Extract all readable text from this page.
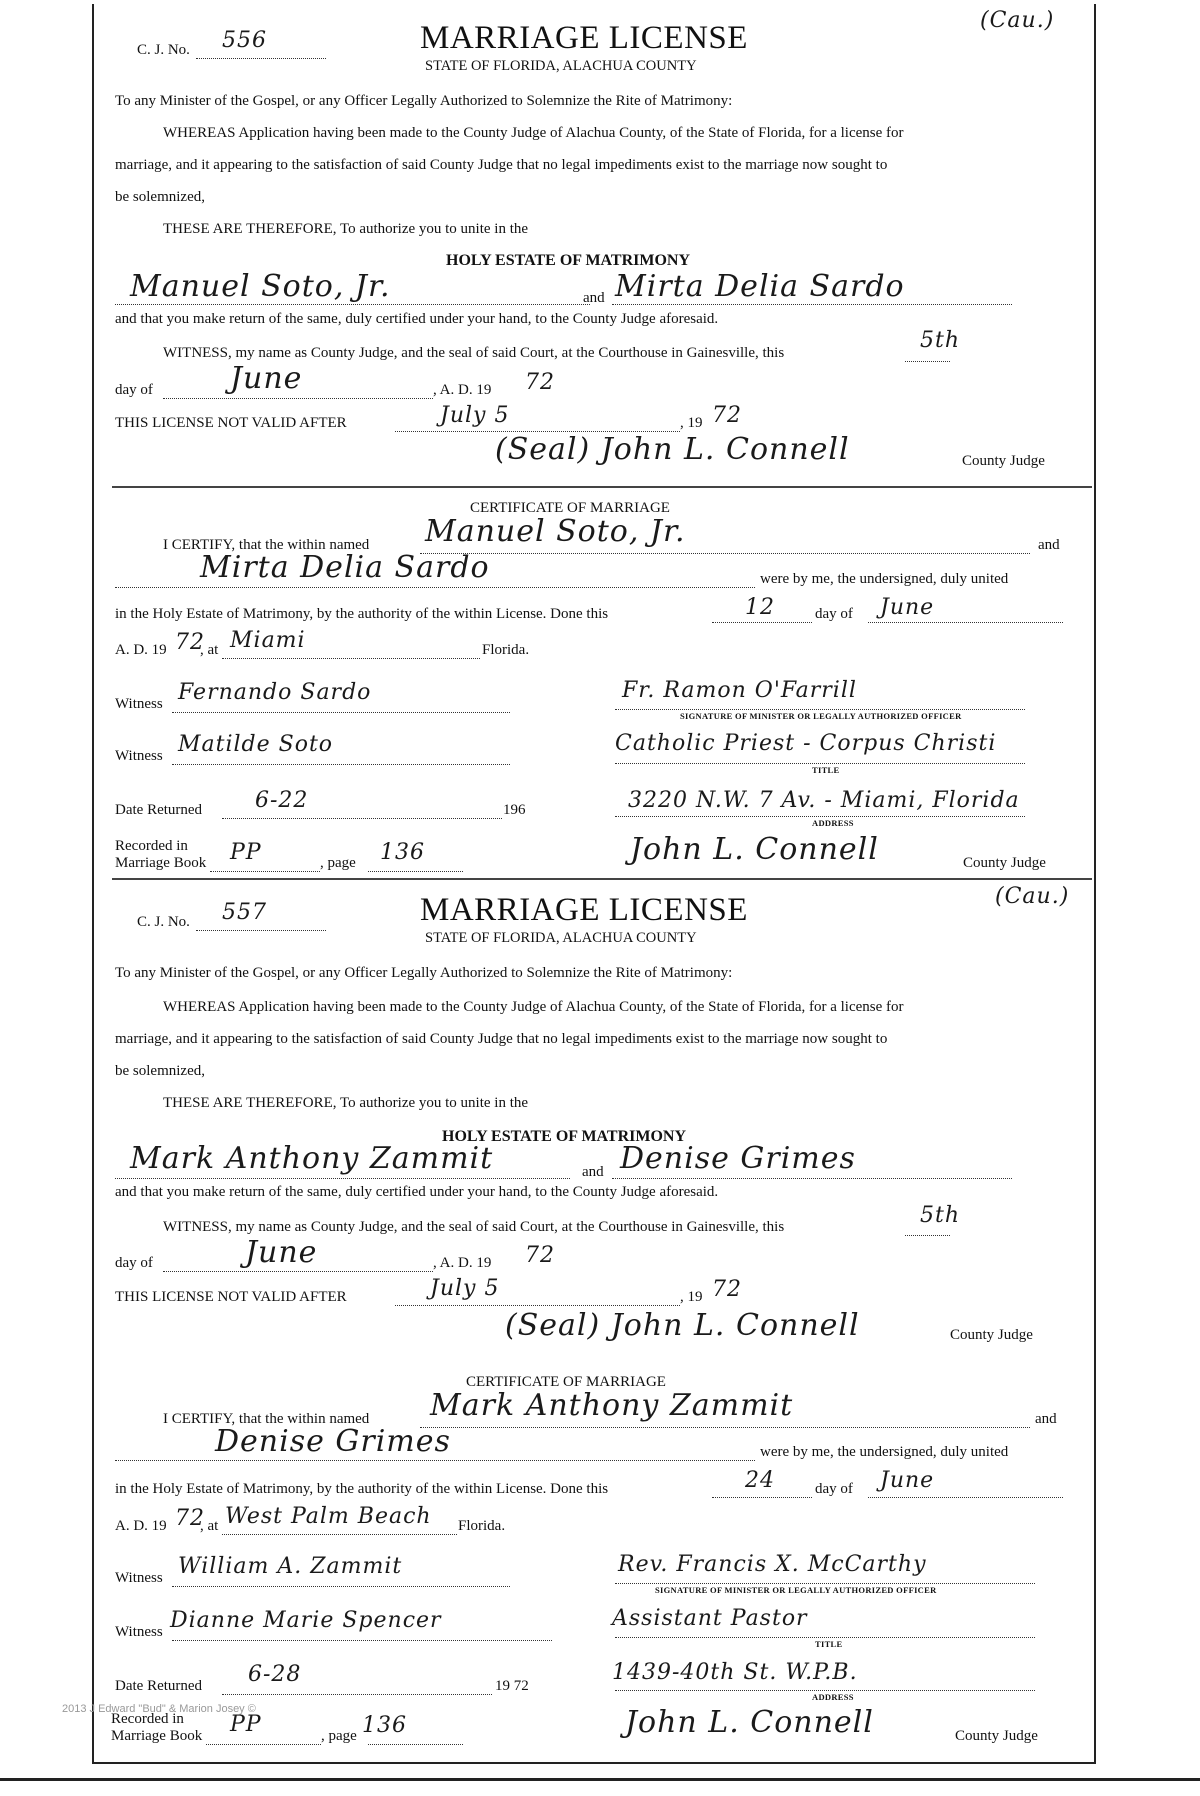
C. J. No. 556	MARRIAGE LICENSE	(Cau.)
STATE OF FLORIDA, ALACHUA COUNTY
To any Minister of the Gospel, or any Officer Legally Authorized to Solemnize the Rite of Matrimony:
WHEREAS Application having been made to the County Judge of Alachua County, of the State of Florida, for a license for
marriage, and it appearing to the satisfaction of said County Judge that no legal impediments exist to the marriage now sought to
be solemnized,
THESE ARE THEREFORE, To authorize you to unite in the
HOLY ESTATE OF MATRIMONY
Manuel Soto, Jr.	and Mirta Delia Sardo
and that you make return of the same, duly certified under your hand, to the County Judge aforesaid.
WITNESS, my name as County Judge, and the seal of said Court, at the Courthouse in Gainesville, this	5th
day of	June	, A. D. 19 72
THIS LICENSE NOT VALID AFTER	July 5	, 19 72
(Seal) John L. Connell	County Judge
CERTIFICATE OF MARRIAGE
I CERTIFY, that the within named Manuel Soto, Jr.	and
Mirta Delia Sardo	were by me, the undersigned, duly united
in the Holy Estate of Matrimony, by the authority of the within License. Done this	12	day of June
A. D. 19 72
, at Miami	Florida.
Witness Fernando Sardo	Fr. Ramon O'Farrill
SIGNATURE OF MINISTER OR LEGALLY AUTHORIZED OFFICER
Witness Matilde Soto	Catholic Priest - Corpus Christi
TITLE
Date Returned 6-22	196	3220 N.W. 7 Av. - Miami, Florida
ADDRESS
Recorded in
Marriage Book PP	, page 136	John L. Connell	County Judge
C. J. No. 557	MARRIAGE LICENSE	(Cau.)
STATE OF FLORIDA, ALACHUA COUNTY
To any Minister of the Gospel, or any Officer Legally Authorized to Solemnize the Rite of Matrimony:
WHEREAS Application having been made to the County Judge of Alachua County, of the State of Florida, for a license for
marriage, and it appearing to the satisfaction of said County Judge that no legal impediments exist to the marriage now sought to
be solemnized,
THESE ARE THEREFORE, To authorize you to unite in the
HOLY ESTATE OF MATRIMONY
Mark Anthony Zammit	and Denise Grimes
and that you make return of the same, duly certified under your hand, to the County Judge aforesaid.
WITNESS, my name as County Judge, and the seal of said Court, at the Courthouse in Gainesville, this	5th
day of	June	, A. D. 19 72
THIS LICENSE NOT VALID AFTER	July 5	, 19 72
(Seal) John L. Connell	County Judge
CERTIFICATE OF MARRIAGE
I CERTIFY, that the within named Mark Anthony Zammit	and
Denise Grimes	were by me, the undersigned, duly united
in the Holy Estate of Matrimony, by the authority of the within License. Done this	24	day of June
A. D. 19 72
, at West Palm Beach Florida.
Witness William A. Zammit	Rev. Francis X. McCarthy
SIGNATURE OF MINISTER OR LEGALLY AUTHORIZED OFFICER
Witness Dianne Marie Spencer	Assistant Pastor
TITLE
Date Returned 6-28	19 72
1439-40th St. W.P.B.
ADDRESS
2013 J Edward "Bud" & Marion Josey ©
Recorded in
Marriage Book PP	, page 136	John L. Connell	County Judge
